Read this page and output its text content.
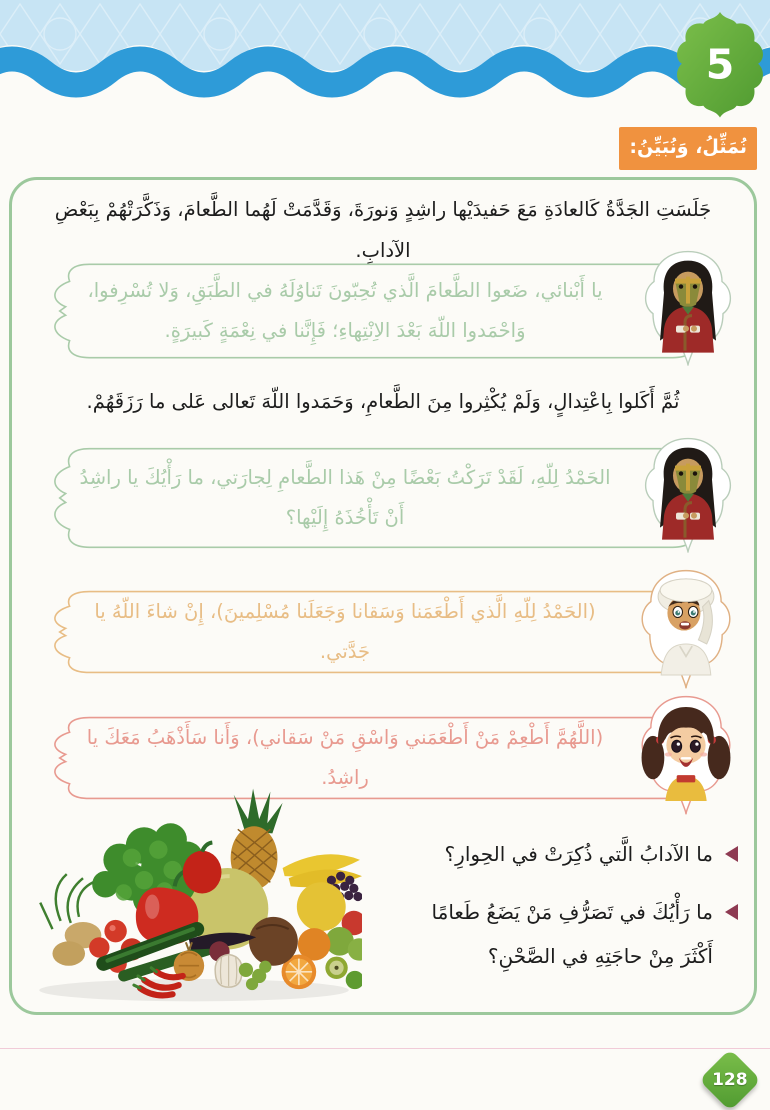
5
نُمَثِّلُ، وَنُبَيِّنُ:

جَلَسَتِ الجَدَّةُ كَالعادَةِ مَعَ حَفيدَيْها راشِدٍ وَنورَةَ، وَقَدَّمَتْ لَهُما الطَّعامَ، وَذَكَّرَتْهُمْ بِبَعْضِ الآدابِ.

يا أَبْنائي، ضَعوا الطَّعامَ الَّذي تُحِبّونَ تَناوُلَهُ في الطَّبَقِ، وَلا تُسْرِفوا،
وَاحْمَدوا اللّهَ بَعْدَ الاِنْتِهاءِ؛ فَإِنَّنا في نِعْمَةٍ كَبيرَةٍ.

ثُمَّ أَكَلوا بِاعْتِدالٍ، وَلَمْ يُكْثِروا مِنَ الطَّعامِ، وَحَمَدوا اللّهَ تَعالى عَلى ما رَزَقَهُمْ.

الحَمْدُ لِلّهِ، لَقَدْ تَرَكْتُ بَعْضًا مِنْ هَذا الطَّعامِ لِجارَتي، ما رَأْيُكَ يا راشِدُ
أَنْ تَأْخُذَهُ إِلَيْها؟
(الحَمْدُ لِلّهِ الَّذي أَطْعَمَنا وَسَقانا وَجَعَلَنا مُسْلِمينَ)، إِنْ شاءَ اللّهُ يا جَدَّتي.
(اللَّهُمَّ أَطْعِمْ مَنْ أَطْعَمَني وَاسْقِ مَنْ سَقاني)، وَأَنا سَأَذْهَبُ مَعَكَ يا راشِدُ.
ما الآدابُ الَّتي ذُكِرَتْ في الحِوارِ؟
ما رَأْيُكَ في تَصَرُّفِ مَنْ يَضَعُ طَعامًا
أَكْثَرَ مِنْ حاجَتِهِ في الصَّحْنِ؟
128
